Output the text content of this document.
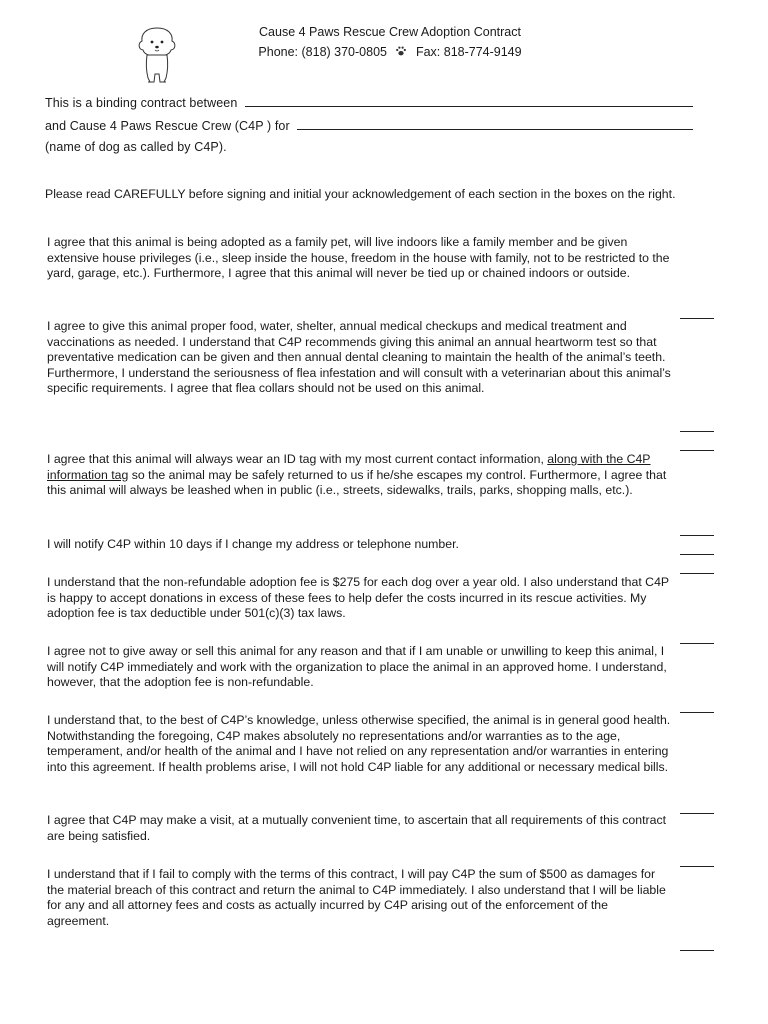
Cause 4 Paws Rescue Crew Adoption Contract
Phone: (818) 370-0805 Fax: 818-774-9149
This is a binding contract between
and Cause 4 Paws Rescue Crew (C4P ) for
(name of dog as called by C4P).
Please read CAREFULLY before signing and initial your acknowledgement of each section in the boxes on the right.
I agree that this animal is being adopted as a family pet, will live indoors like a family member and be given extensive house privileges (i.e., sleep inside the house, freedom in the house with family, not to be restricted to the yard, garage, etc.). Furthermore, I agree that this animal will never be tied up or chained indoors or outside.
I agree to give this animal proper food, water, shelter, annual medical checkups and medical treatment and vaccinations as needed. I understand that C4P recommends giving this animal an annual heartworm test so that preventative medication can be given and then annual dental cleaning to maintain the health of the animal’s teeth. Furthermore, I understand the seriousness of flea infestation and will consult with a veterinarian about this animal’s specific requirements. I agree that flea collars should not be used on this animal.
I agree that this animal will always wear an ID tag with my most current contact information, along with the C4P information tag so the animal may be safely returned to us if he/she escapes my control. Furthermore, I agree that this animal will always be leashed when in public (i.e., streets, sidewalks, trails, parks, shopping malls, etc.).
I will notify C4P within 10 days if I change my address or telephone number.
I understand that the non-refundable adoption fee is $275 for each dog over a year old. I also understand that C4P is happy to accept donations in excess of these fees to help defer the costs incurred in its rescue activities. My adoption fee is tax deductible under 501(c)(3) tax laws.
I agree not to give away or sell this animal for any reason and that if I am unable or unwilling to keep this animal, I will notify C4P immediately and work with the organization to place the animal in an approved home. I understand, however, that the adoption fee is non-refundable.
I understand that, to the best of C4P’s knowledge, unless otherwise specified, the animal is in general good health. Notwithstanding the foregoing, C4P makes absolutely no representations and/or warranties as to the age, temperament, and/or health of the animal and I have not relied on any representation and/or warranties in entering into this agreement. If health problems arise, I will not hold C4P liable for any additional or necessary medical bills.
I agree that C4P may make a visit, at a mutually convenient time, to ascertain that all requirements of this contract are being satisfied.
I understand that if I fail to comply with the terms of this contract, I will pay C4P the sum of $500 as damages for the material breach of this contract and return the animal to C4P immediately. I also understand that I will be liable for any and all attorney fees and costs as actually incurred by C4P arising out of the enforcement of the agreement.
